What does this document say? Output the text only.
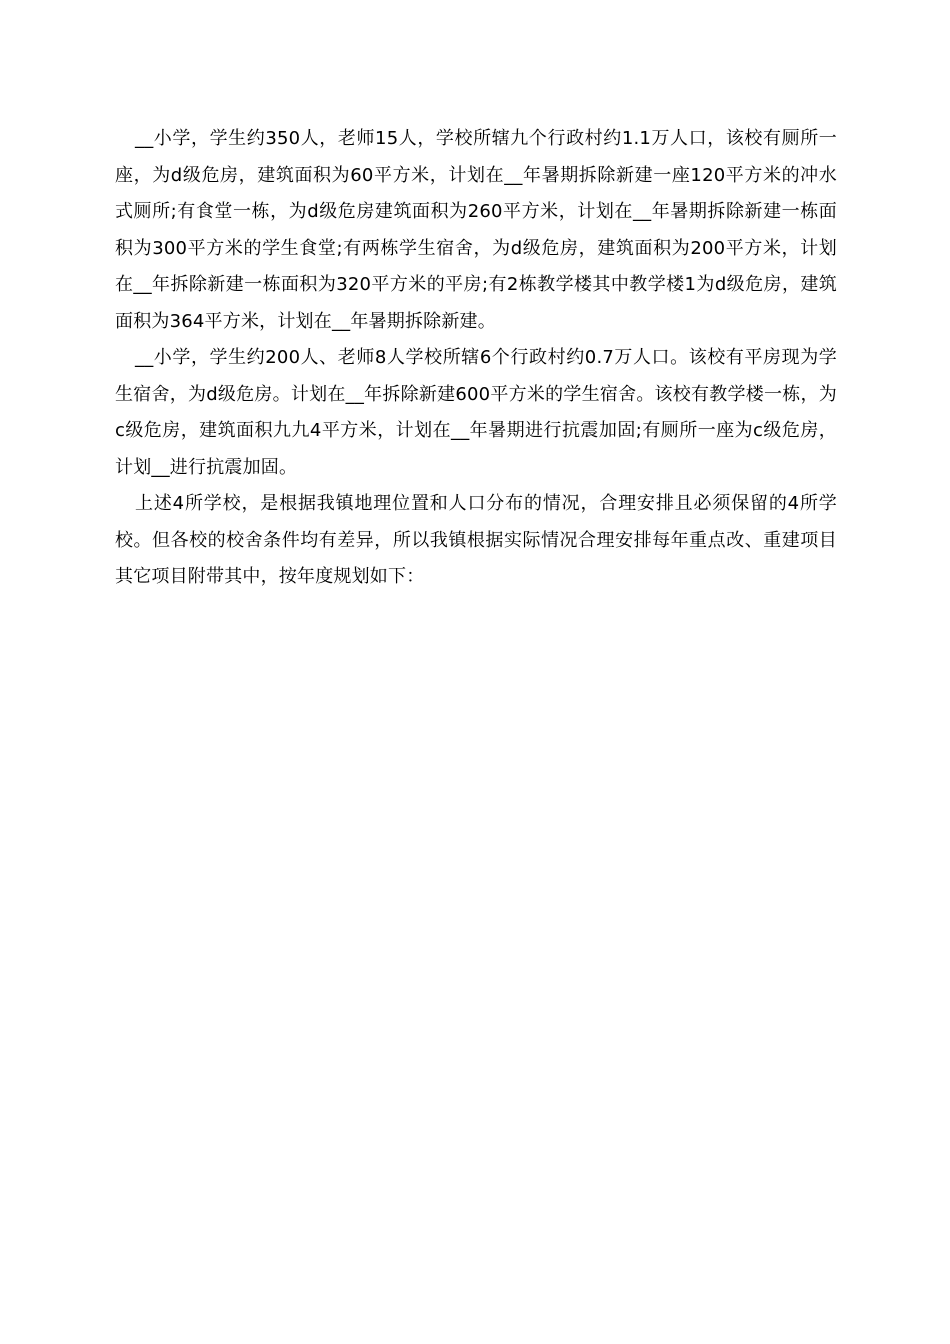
__小学，学生约350人，老师15人，学校所辖九个行政村约1.1万人口，该校有厕所一座，为d级危房，建筑面积为60平方米，计划在__年暑期拆除新建一座120平方米的冲水式厕所;有食堂一栋，为d级危房建筑面积为260平方米，计划在__年暑期拆除新建一栋面积为300平方米的学生食堂;有两栋学生宿舍，为d级危房，建筑面积为200平方米，计划在__年拆除新建一栋面积为320平方米的平房;有2栋教学楼其中教学楼1为d级危房，建筑面积为364平方米，计划在__年暑期拆除新建。

__小学，学生约200人、老师8人学校所辖6个行政村约0.7万人口。该校有平房现为学生宿舍，为d级危房。计划在__年拆除新建600平方米的学生宿舍。该校有教学楼一栋，为c级危房，建筑面积九九4平方米，计划在__年暑期进行抗震加固;有厕所一座为c级危房，计划__进行抗震加固。

上述4所学校，是根据我镇地理位置和人口分布的情况，合理安排且必须保留的4所学校。但各校的校舍条件均有差异，所以我镇根据实际情况合理安排每年重点改、重建项目其它项目附带其中，按年度规划如下：
